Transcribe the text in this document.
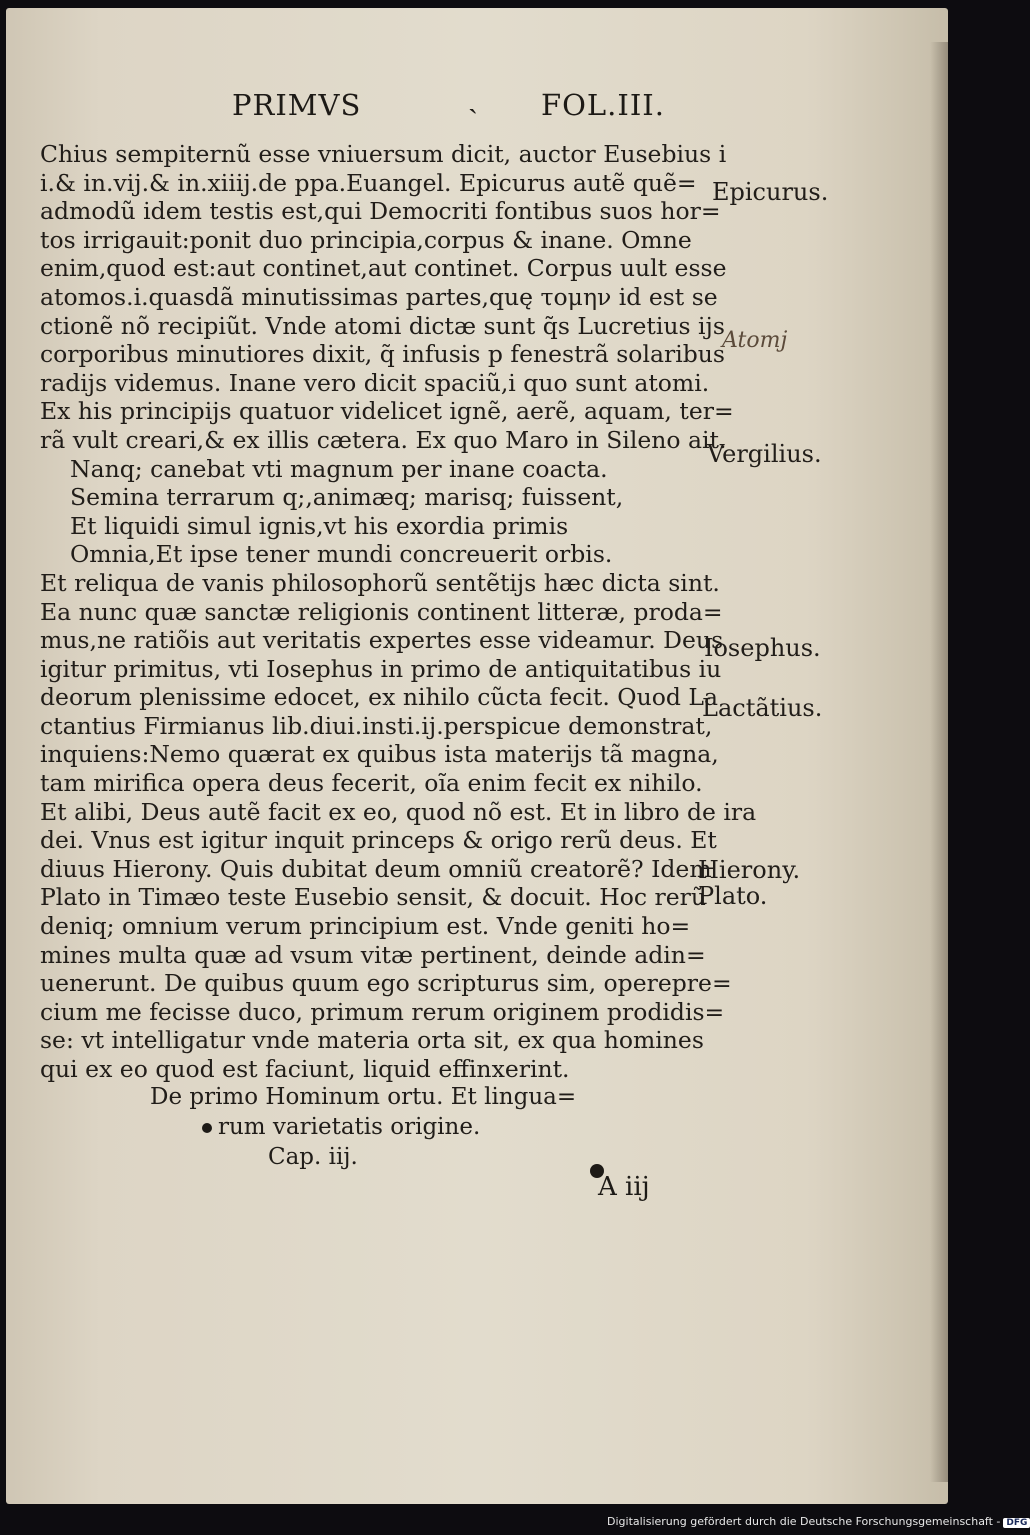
PRIMVS	ˎ FOL.III.
Chius sempiternũ esse vniuersum dicit, auctor Eusebius i
i.& in.vij.& in.xiiij.de ppa.Euangel. Epicurus autẽ quẽ=
admodũ idem testis est,qui Democriti fontibus suos hor=
tos irrigauit:ponit duo principia,corpus & inane. Omne
enim,quod est:aut continet,aut continet. Corpus uult esse
atomos.i.quasdã minutissimas partes,quę τομην id est se
ctionẽ nõ recipiũt. Vnde atomi dictæ sunt q̃s Lucretius ijs
corporibus minutiores dixit, q̃ infusis p fenestrã solaribus
radijs videmus. Inane vero dicit spaciũ,i quo sunt atomi.
Ex his principijs quatuor videlicet ignẽ, aerẽ, aquam, ter=
rã vult creari,& ex illis cætera. Ex quo Maro in Sileno ait.
Nanq; canebat vti magnum per inane coacta.
Semina terrarum q;,animæq; marisq; fuissent,
Et liquidi simul ignis,vt his exordia primis
Omnia,Et ipse tener mundi concreuerit orbis.
Et reliqua de vanis philosophorũ sentẽtijs hæc dicta sint.
Ea nunc quæ sanctæ religionis continent litteræ, proda=
mus,ne ratiõis aut veritatis expertes esse videamur. Deus
igitur primitus, vti Iosephus in primo de antiquitatibus iu
deorum plenissime edocet, ex nihilo cũcta fecit. Quod La
ctantius Firmianus lib.diui.insti.ij.perspicue demonstrat,
inquiens:Nemo quærat ex quibus ista materijs tã magna,
tam mirifica opera deus fecerit, oĩa enim fecit ex nihilo.
Et alibi, Deus autẽ facit ex eo, quod nõ est. Et in libro de ira
dei. Vnus est igitur inquit princeps & origo rerũ deus. Et
diuus Hierony. Quis dubitat deum omniũ creatorẽ? Idem
Plato in Timæo teste Eusebio sensit, & docuit. Hoc rerũ
deniq; omnium verum principium est. Vnde geniti ho=
mines multa quæ ad vsum vitæ pertinent, deinde adin=
uenerunt. De quibus quum ego scripturus sim, operepre=
cium me fecisse duco, primum rerum originem prodidis=
se: vt intelligatur vnde materia orta sit, ex qua homines
qui ex eo quod est faciunt, liquid effinxerint.
Epicurus.
Atomj
Vergilius.
Iosephus.
Lactãtius.
Hierony.
Plato.
De primo Hominum ortu. Et lingua=
rum varietatis origine.
Cap. iij.
A iij
Digitalisierung gefördert durch die Deutsche Forschungsgemeinschaft - DFG
